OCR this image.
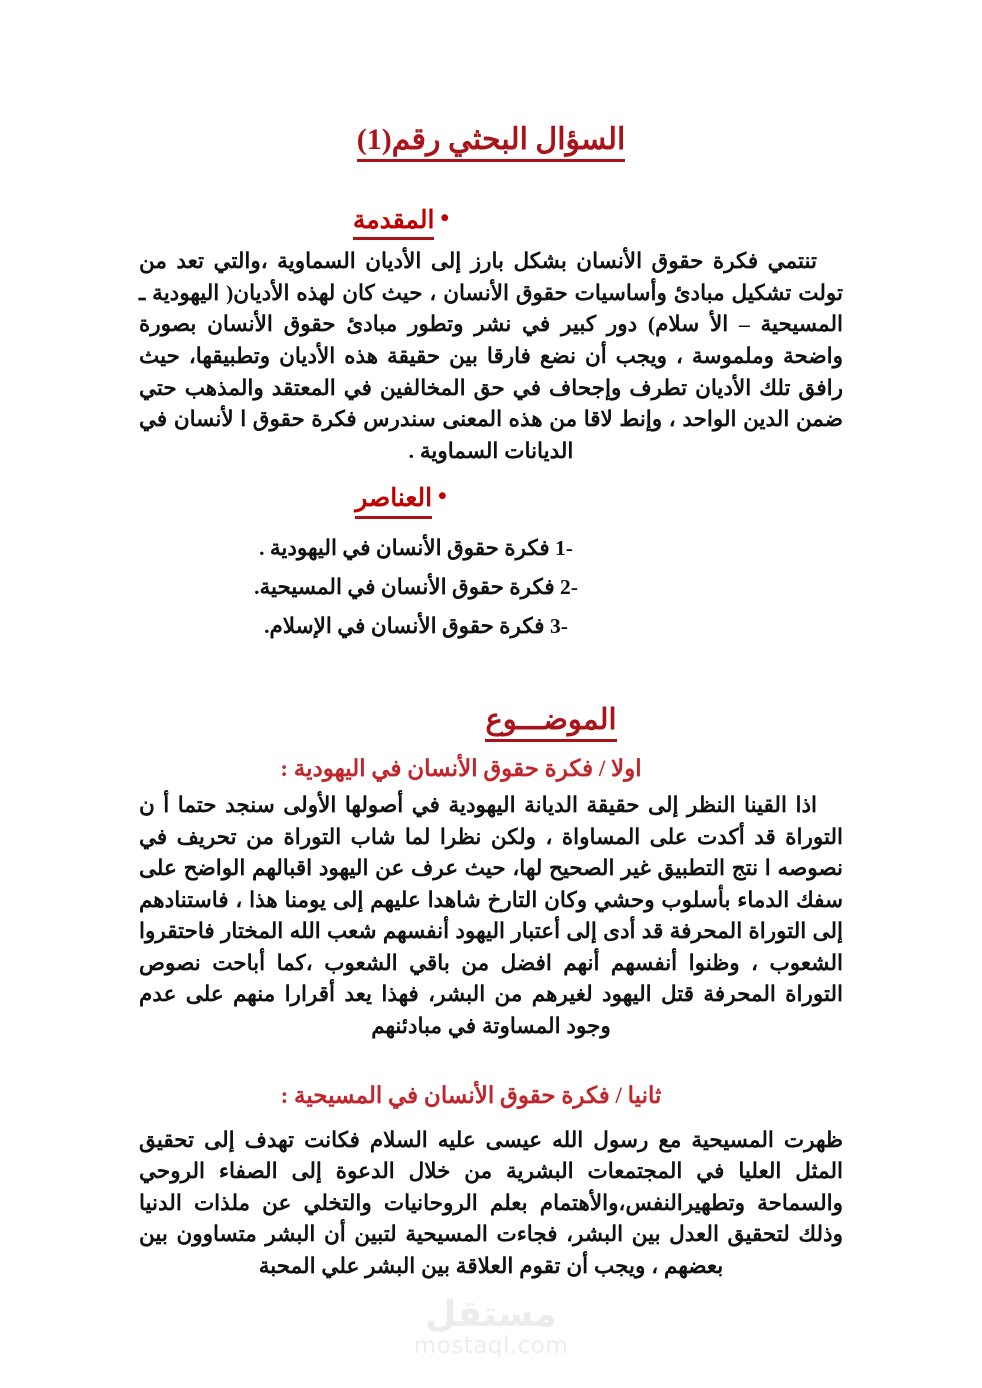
السؤال البحثي رقم(1)
•المقدمة

تنتمي فكرة حقوق الأنسان بشكل بارز إلى الأديان السماوية ،والتي تعد من تولت تشكيل مبادئ وأساسيات حقوق الأنسان ، حيث كان لهذه الأديان( اليهودية ـ المسيحية – الأ سلام) دور كبير في نشر وتطور مبادئ حقوق الأنسان بصورة واضحة وملموسة ، ويجب أن نضع فارقا بين حقيقة هذه الأديان وتطبيقها، حيث رافق تلك الأديان تطرف وإجحاف في حق المخالفين في المعتقد والمذهب حتي ضمن الدين الواحد ، وإنط لاقا من هذه المعنى سندرس فكرة حقوق ا لأنسان في الديانات السماوية .

•العناصر
1- فكرة حقوق الأنسان في اليهودية .
2- فكرة حقوق الأنسان في المسيحية.
3- فكرة حقوق الأنسان في الإسلام.
الموضـــوع
اولا / فكرة حقوق الأنسان في اليهودية :

اذا القينا النظر إلى حقيقة الديانة اليهودية في أصولها الأولى سنجد حتما أ ن التوراة قد أكدت على المساواة ، ولكن نظرا لما شاب التوراة من تحريف في نصوصه ا نتج التطبيق غير الصحيح لها، حيث عرف عن اليهود اقبالهم الواضح على سفك الدماء بأسلوب وحشي وكان التارخ شاهدا عليهم إلى يومنا هذا ، فاستنادهم إلى التوراة المحرفة قد أدى إلى أعتبار اليهود أنفسهم شعب الله المختار فاحتقروا الشعوب ، وظنوا أنفسهم أنهم افضل من باقي الشعوب ،كما أباحت نصوص التوراة المحرفة قتل اليهود لغيرهم من البشر، فهذا يعد أقرارا منهم على عدم وجود المساوتة في مبادئنهم

ثانيا / فكرة حقوق الأنسان في المسيحية :

ظهرت المسيحية مع رسول الله عيسى عليه السلام فكانت تهدف إلى تحقيق المثل العليا في المجتمعات البشرية من خلال الدعوة إلى الصفاء الروحي والسماحة وتطهيرالنفس،والأهتمام بعلم الروحانيات والتخلي عن ملذات الدنيا وذلك لتحقيق العدل بين البشر، فجاءت المسيحية لتبين أن البشر متساوون بين بعضهم ، ويجب أن تقوم العلاقة بين البشر علي المحبة

مستقل
mostaql.com
